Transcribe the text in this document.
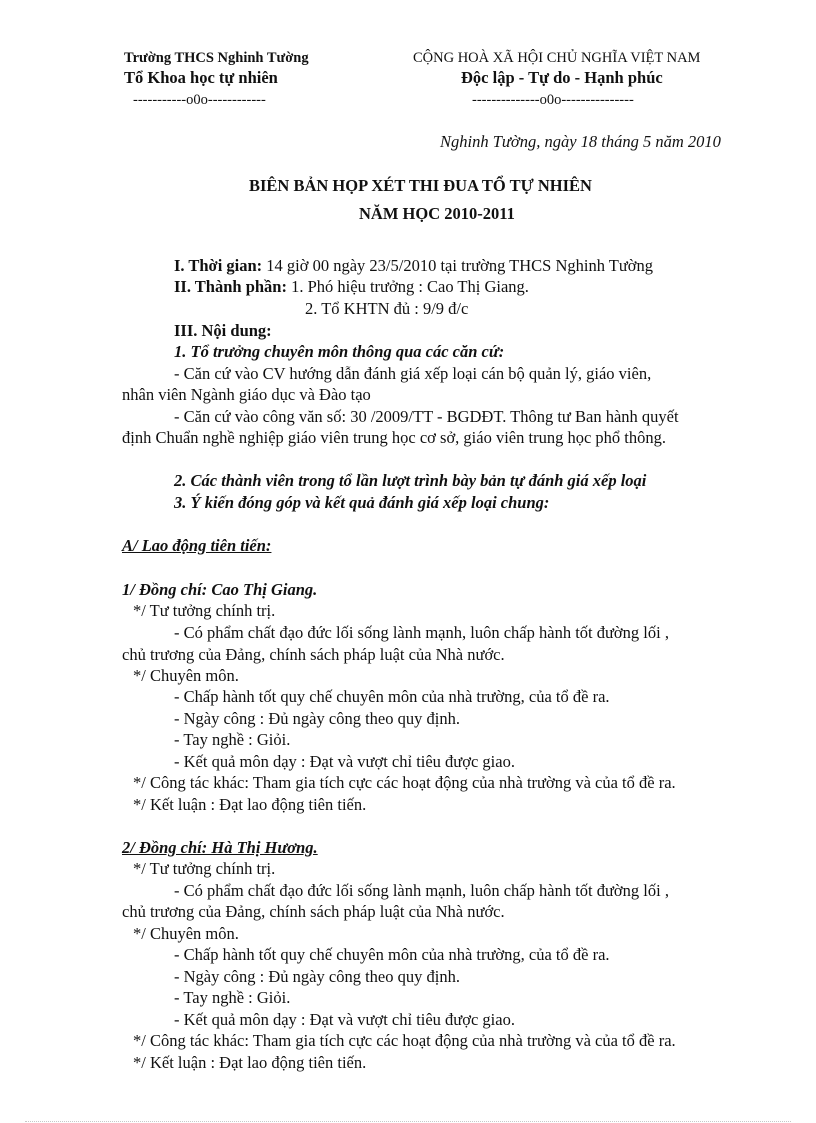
Trường THCS Nghinh Tường
Tổ Khoa học tự nhiên
-----------o0o------------
CỘNG HOÀ XÃ HỘI CHỦ NGHĨA VIỆT NAM
Độc lập - Tự do - Hạnh phúc
--------------o0o---------------
Nghinh Tường, ngày 18 tháng 5 năm 2010
BIÊN BẢN HỌP XÉT THI ĐUA TỔ TỰ NHIÊN
NĂM HỌC 2010-2011
I. Thời gian: 14 giờ 00 ngày 23/5/2010 tại trường THCS Nghinh Tường
II. Thành phần: 1. Phó hiệu trưởng : Cao Thị Giang.
2. Tổ KHTN đủ : 9/9 đ/c
III. Nội dung:
1. Tổ trưởng chuyên môn thông qua các căn cứ:
- Căn cứ vào CV hướng dẫn đánh giá xếp loại cán bộ quản lý, giáo viên,
nhân viên Ngành giáo dục và Đào tạo
- Căn cứ vào công văn số: 30 /2009/TT - BGDĐT. Thông tư Ban hành quyết
định Chuẩn nghề nghiệp giáo viên trung học cơ sở, giáo viên trung học phổ thông.
2. Các thành viên trong tổ lần lượt trình bày bản tự đánh giá xếp loại
3. Ý kiến đóng góp và kết quả đánh giá xếp loại chung:
A/ Lao động tiên tiến:
1/ Đồng chí: Cao Thị Giang.
*/ Tư tưởng chính trị.
- Có phẩm chất đạo đức lối sống lành mạnh, luôn chấp hành tốt đường lối ,
chủ trương của Đảng, chính sách pháp luật của Nhà nước.
*/ Chuyên môn.
- Chấp hành tốt quy chế chuyên môn của nhà trường, của tổ đề ra.
- Ngày công : Đủ ngày công theo quy định.
- Tay nghề : Giỏi.
- Kết quả môn dạy : Đạt và vượt chỉ tiêu được giao.
*/ Công tác khác: Tham gia tích cực các hoạt động của nhà trường và của tổ đề ra.
*/ Kết luận : Đạt lao động tiên tiến.
2/ Đồng chí: Hà Thị Hương.
*/ Tư tưởng chính trị.
- Có phẩm chất đạo đức lối sống lành mạnh, luôn chấp hành tốt đường lối ,
chủ trương của Đảng, chính sách pháp luật của Nhà nước.
*/ Chuyên môn.
- Chấp hành tốt quy chế chuyên môn của nhà trường, của tổ đề ra.
- Ngày công : Đủ ngày công theo quy định.
- Tay nghề : Giỏi.
- Kết quả môn dạy : Đạt và vượt chỉ tiêu được giao.
*/ Công tác khác: Tham gia tích cực các hoạt động của nhà trường và của tổ đề ra.
*/ Kết luận : Đạt lao động tiên tiến.
